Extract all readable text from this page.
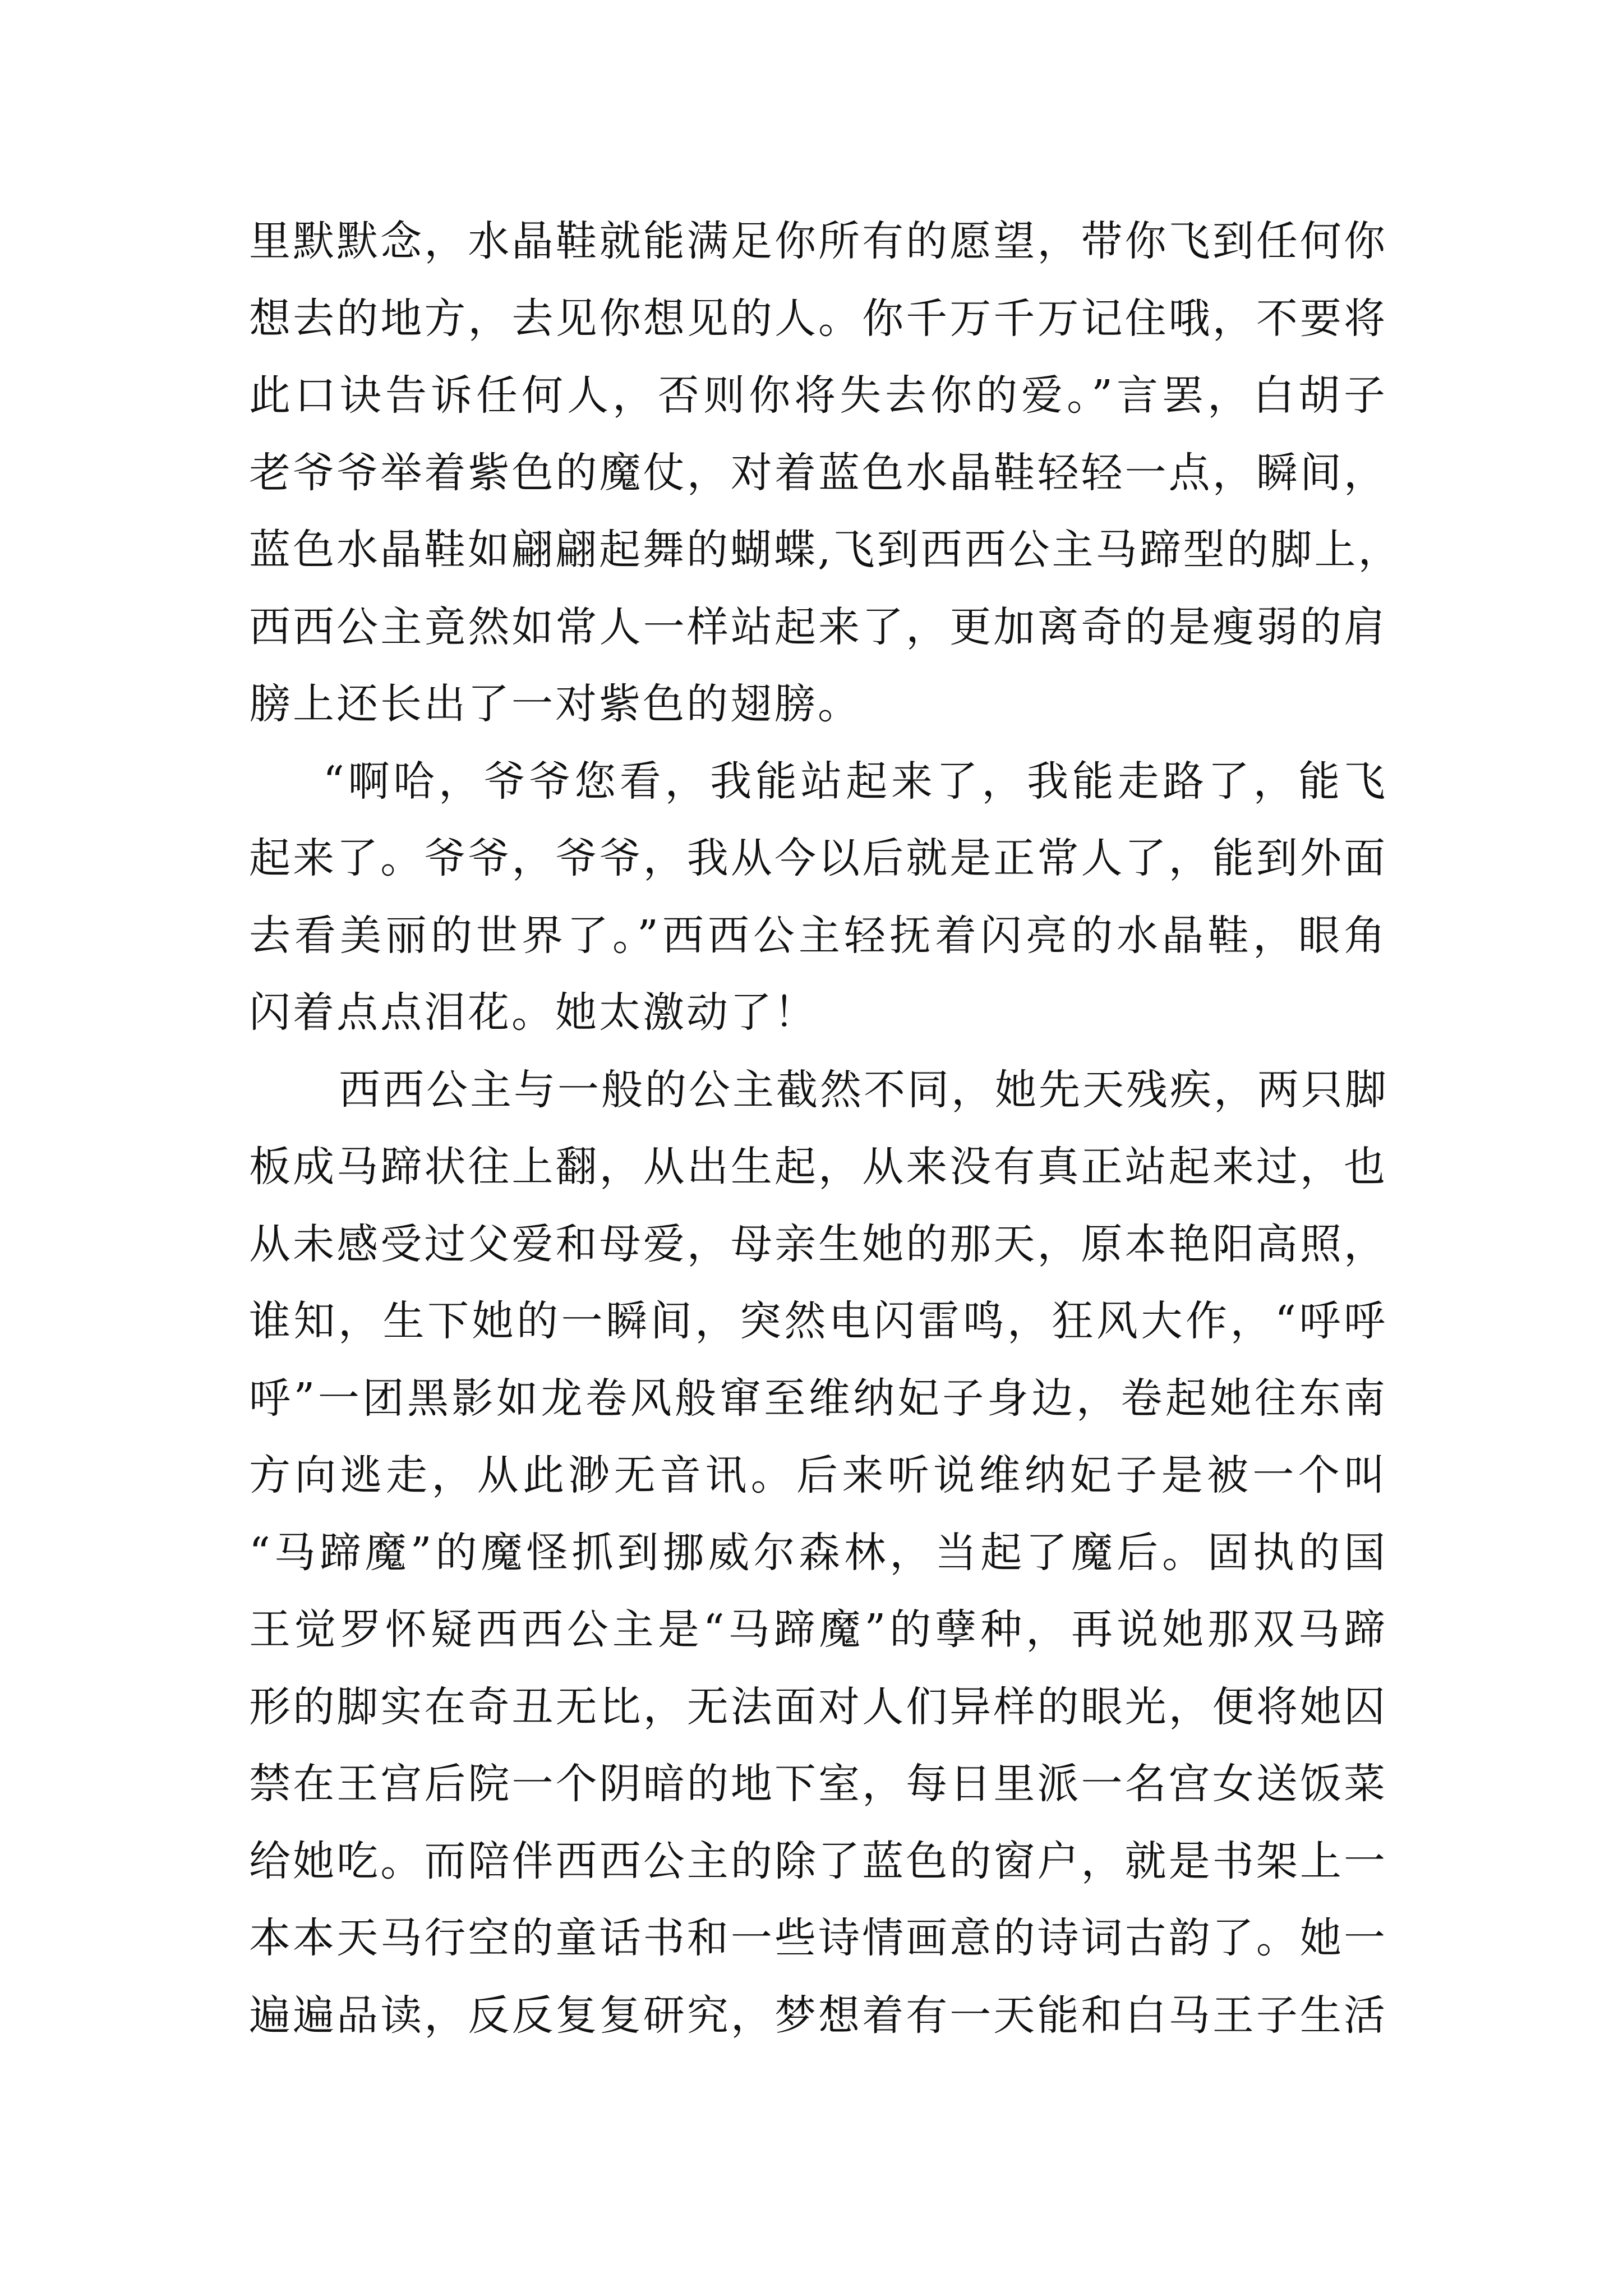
里默默念，水晶鞋就能满足你所有的愿望，带你飞到任何你
想去的地方，去见你想见的人。你千万千万记住哦，不要将
此口诀告诉任何人，否则你将失去你的爱。”言罢，白胡子
老爷爷举着紫色的魔仗，对着蓝色水晶鞋轻轻一点，瞬间，
蓝色水晶鞋如翩翩起舞的蝴蝶,飞到西西公主马蹄型的脚上，
西西公主竟然如常人一样站起来了，更加离奇的是瘦弱的肩
膀上还长出了一对紫色的翅膀。
“啊哈，爷爷您看，我能站起来了，我能走路了，能飞
起来了。爷爷，爷爷，我从今以后就是正常人了，能到外面
去看美丽的世界了。”西西公主轻抚着闪亮的水晶鞋，眼角
闪着点点泪花。她太激动了！
西西公主与一般的公主截然不同，她先天残疾，两只脚
板成马蹄状往上翻，从出生起，从来没有真正站起来过，也
从未感受过父爱和母爱，母亲生她的那天，原本艳阳高照，
谁知，生下她的一瞬间，突然电闪雷鸣，狂风大作，“呼呼
呼”一团黑影如龙卷风般窜至维纳妃子身边，卷起她往东南
方向逃走，从此渺无音讯。后来听说维纳妃子是被一个叫
“马蹄魔”的魔怪抓到挪威尔森林，当起了魔后。固执的国
王觉罗怀疑西西公主是“马蹄魔”的孽种，再说她那双马蹄
形的脚实在奇丑无比，无法面对人们异样的眼光，便将她囚
禁在王宫后院一个阴暗的地下室，每日里派一名宫女送饭菜
给她吃。而陪伴西西公主的除了蓝色的窗户，就是书架上一
本本天马行空的童话书和一些诗情画意的诗词古韵了。她一
遍遍品读，反反复复研究，梦想着有一天能和白马王子生活
